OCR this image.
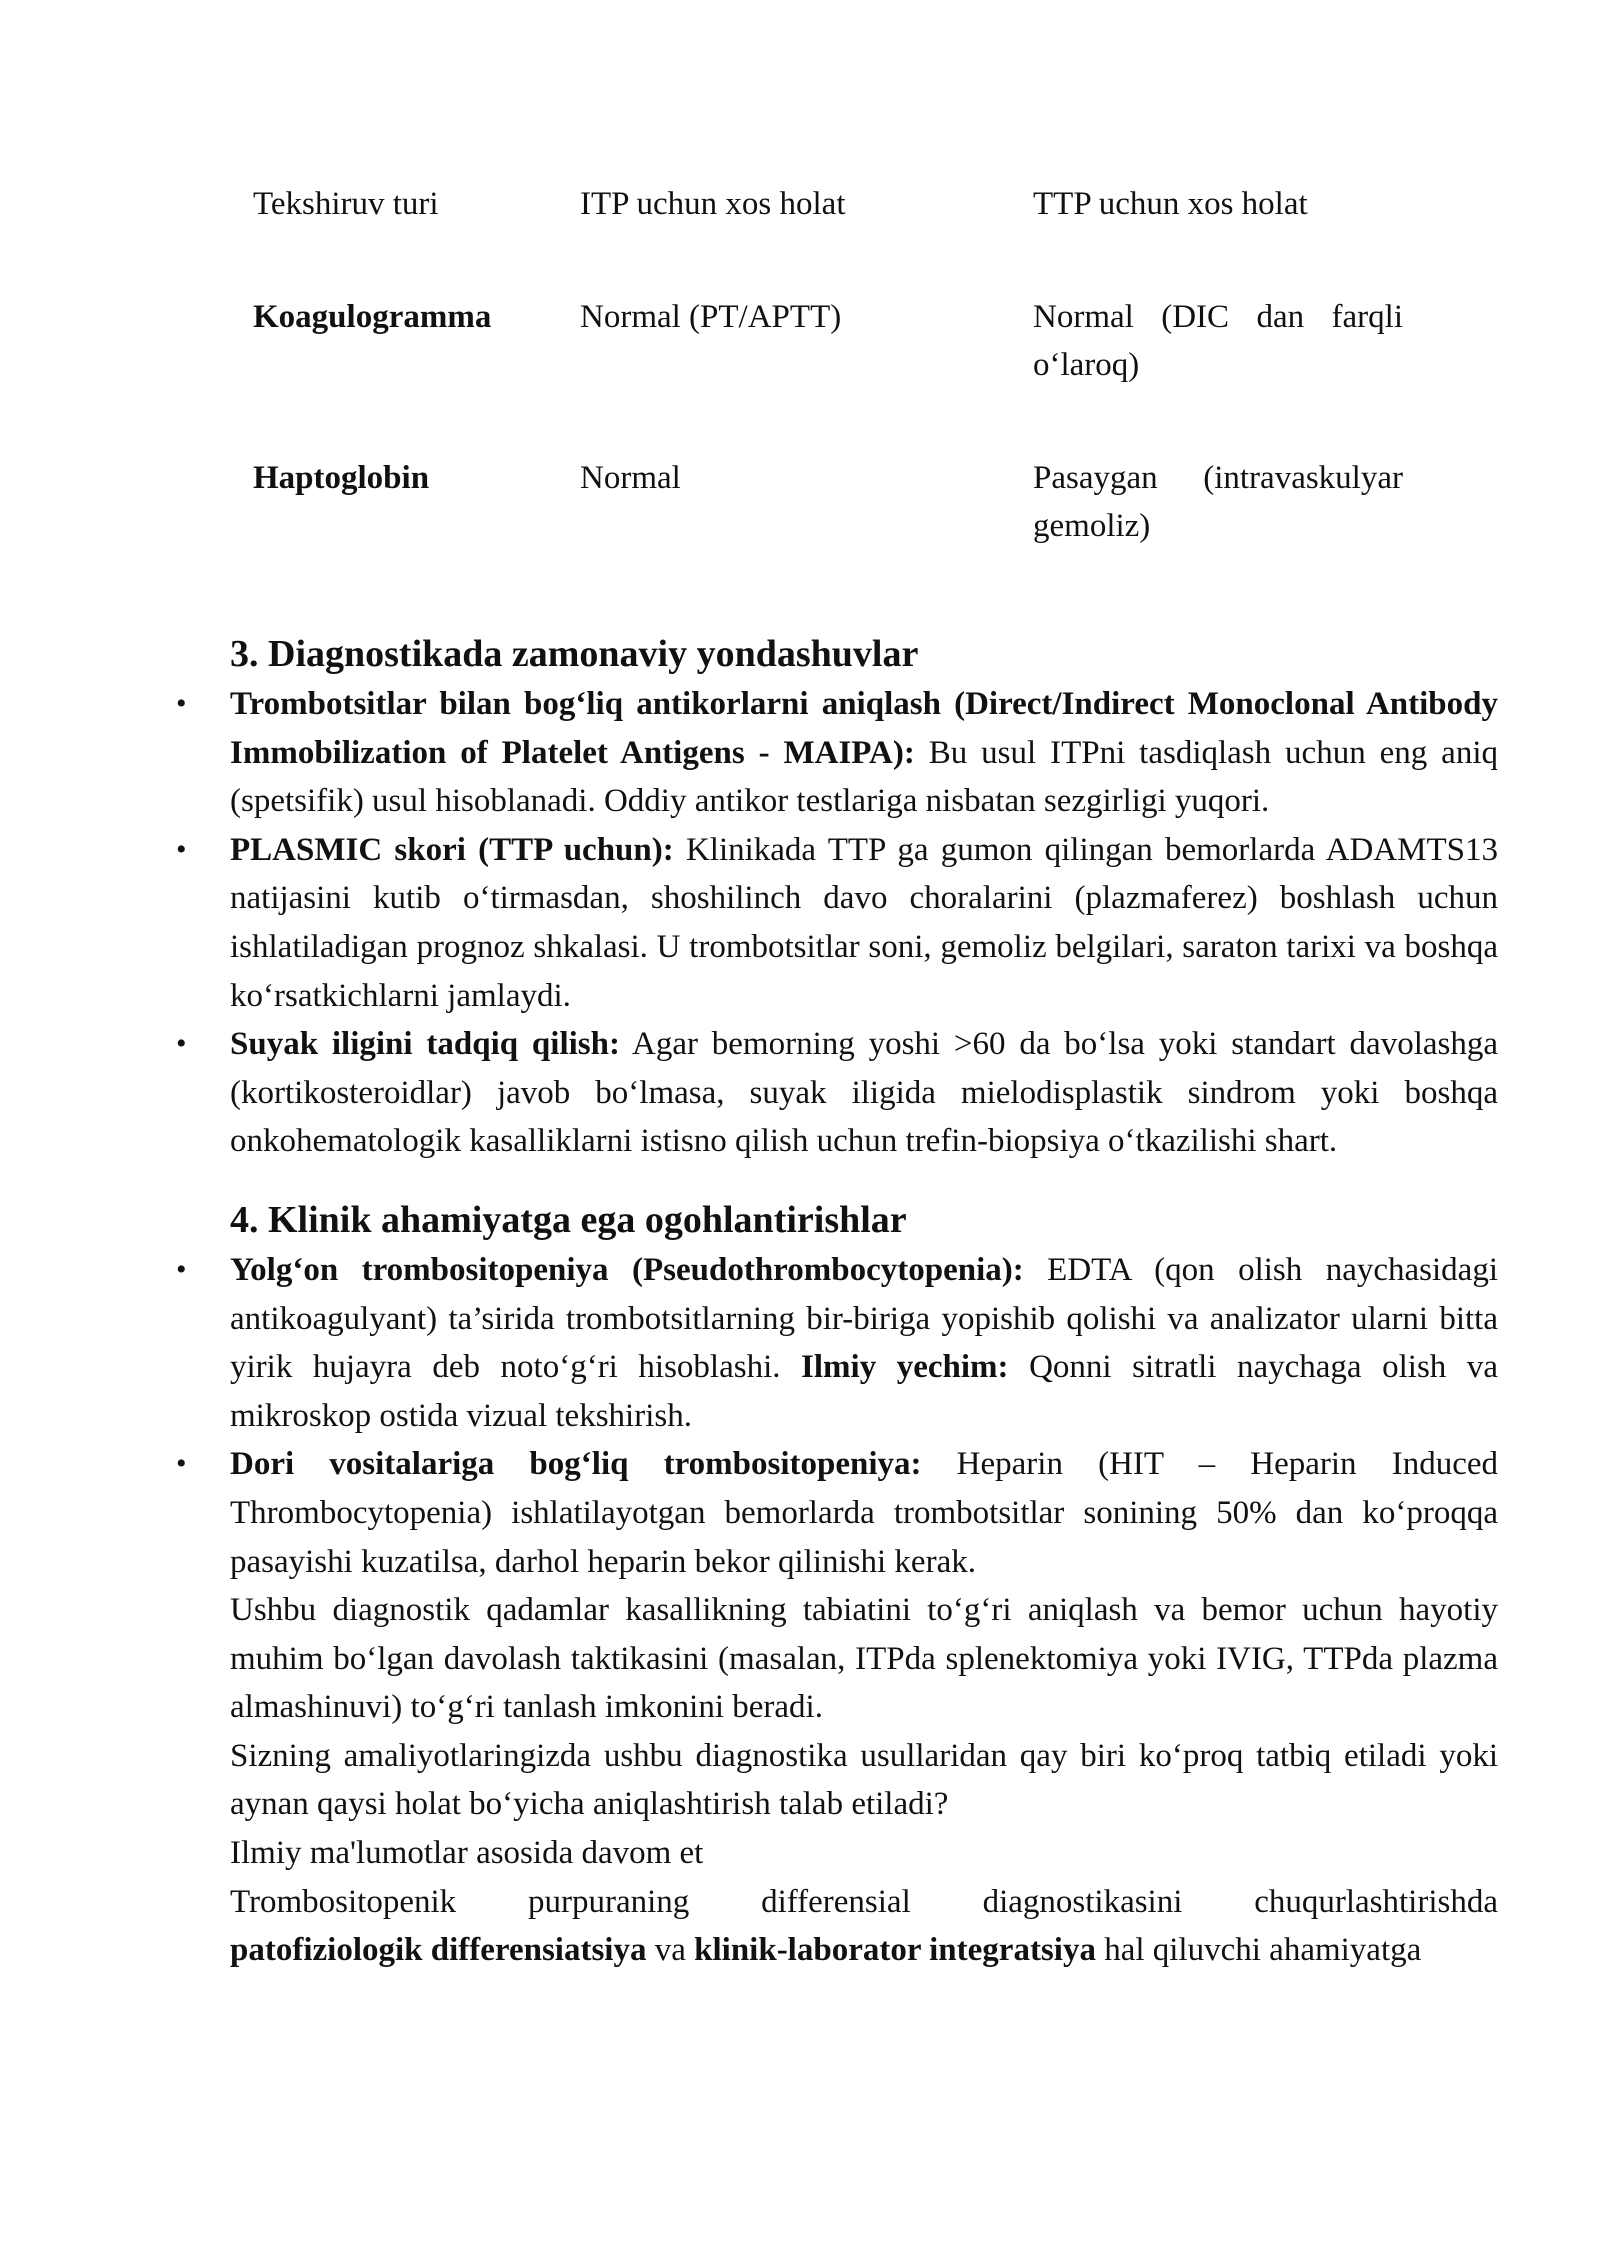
Tekshiruv turi	ITP uchun xos holat	TTP uchun xos holat
Koagulogramma	Normal (PT/APTT)	Normal (DIC dan farqli o‘laroq)
Haptoglobin	Normal	Pasaygan (intravaskulyar gemoliz)
3. Diagnostikada zamonaviy yondashuvlar
• Trombotsitlar bilan bog‘liq antikorlarni aniqlash (Direct/Indirect Monoclonal Antibody Immobilization of Platelet Antigens - MAIPA): Bu usul ITPni tasdiqlash uchun eng aniq (spetsifik) usul hisoblanadi. Oddiy antikor testlariga nisbatan sezgirligi yuqori.
• PLASMIC skori (TTP uchun): Klinikada TTP ga gumon qilingan bemorlarda ADAMTS13 natijasini kutib o‘tirmasdan, shoshilinch davo choralarini (plazmaferez) boshlash uchun ishlatiladigan prognoz shkalasi. U trombotsitlar soni, gemoliz belgilari, saraton tarixi va boshqa ko‘rsatkichlarni jamlaydi.
• Suyak iligini tadqiq qilish: Agar bemorning yoshi >60 da bo‘lsa yoki standart davolashga (kortikosteroidlar) javob bo‘lmasa, suyak iligida mielodisplastik sindrom yoki boshqa onkohematologik kasalliklarni istisno qilish uchun trefin-biopsiya o‘tkazilishi shart.
4. Klinik ahamiyatga ega ogohlantirishlar
• Yolg‘on trombositopeniya (Pseudothrombocytopenia): EDTA (qon olish naychasidagi antikoagulyant) ta’sirida trombotsitlarning bir-biriga yopishib qolishi va analizator ularni bitta yirik hujayra deb noto‘g‘ri hisoblashi. Ilmiy yechim: Qonni sitratli naychaga olish va mikroskop ostida vizual tekshirish.
• Dori vositalariga bog‘liq trombositopeniya: Heparin (HIT – Heparin Induced Thrombocytopenia) ishlatilayotgan bemorlarda trombotsitlar sonining 50% dan ko‘proqqa pasayishi kuzatilsa, darhol heparin bekor qilinishi kerak.

Ushbu diagnostik qadamlar kasallikning tabiatini to‘g‘ri aniqlash va bemor uchun hayotiy muhim bo‘lgan davolash taktikasini (masalan, ITPda splenektomiya yoki IVIG, TTPda plazma almashinuvi) to‘g‘ri tanlash imkonini beradi.

Sizning amaliyotlaringizda ushbu diagnostika usullaridan qay biri ko‘proq tatbiq etiladi yoki aynan qaysi holat bo‘yicha aniqlashtirish talab etiladi?

Ilmiy ma'lumotlar asosida davom et

Trombositopenik purpuraning differensial diagnostikasini chuqurlashtirishda

patofiziologik differensiatsiya va klinik-laborator integratsiya hal qiluvchi ahamiyatga
